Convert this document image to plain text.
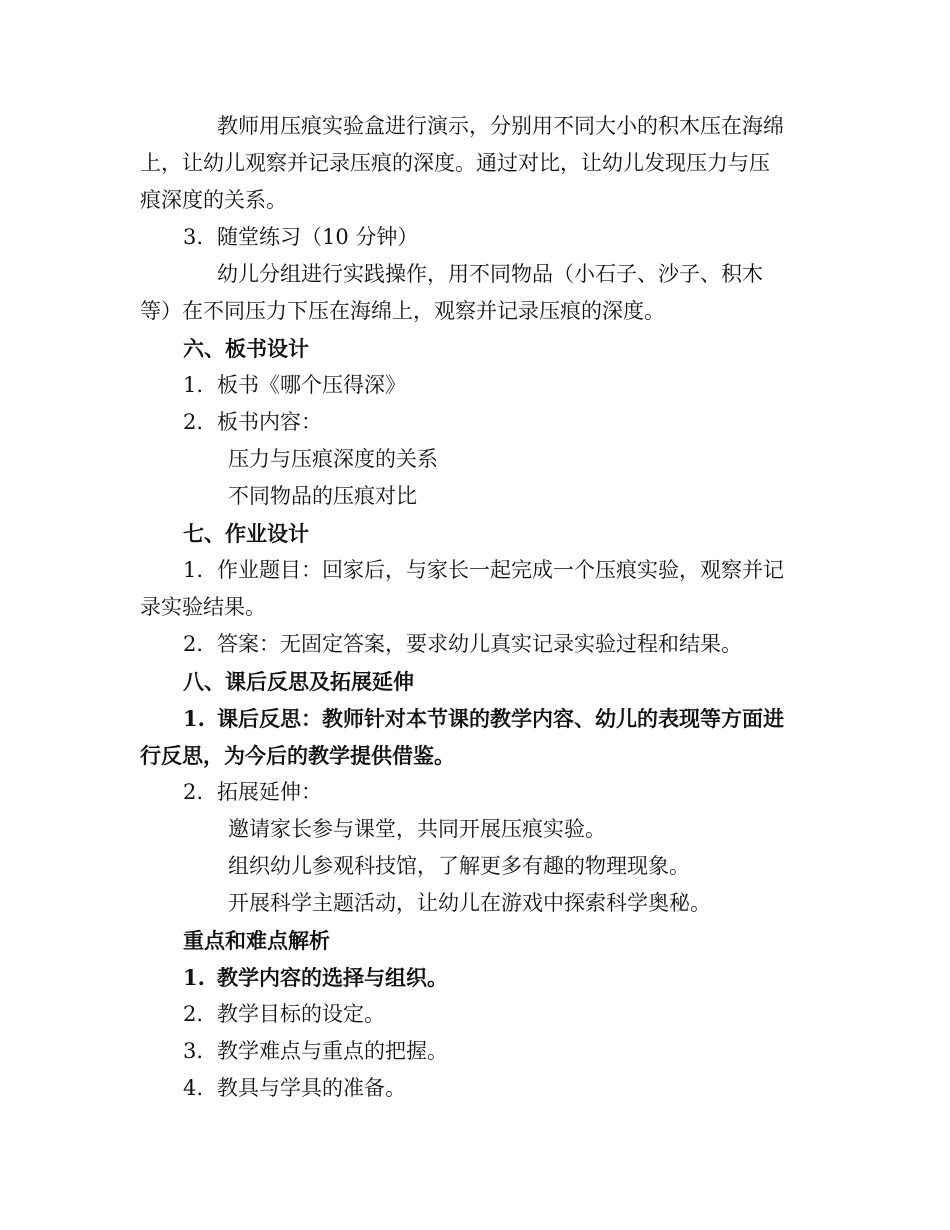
教师用压痕实验盒进行演示，分别用不同大小的积木压在海绵
上，让幼儿观察并记录压痕的深度。通过对比，让幼儿发现压力与压
痕深度的关系。
3. 随堂练习（10 分钟）
幼儿分组进行实践操作，用不同物品（小石子、沙子、积木
等）在不同压力下压在海绵上，观察并记录压痕的深度。
六、板书设计
1. 板书《哪个压得深》
2. 板书内容：
压力与压痕深度的关系
不同物品的压痕对比
七、作业设计
1. 作业题目：回家后，与家长一起完成一个压痕实验，观察并记
录实验结果。
2. 答案：无固定答案，要求幼儿真实记录实验过程和结果。
八、课后反思及拓展延伸
1. 课后反思：教师针对本节课的教学内容、幼儿的表现等方面进
行反思，为今后的教学提供借鉴。
2. 拓展延伸：
邀请家长参与课堂，共同开展压痕实验。
组织幼儿参观科技馆，了解更多有趣的物理现象。
开展科学主题活动，让幼儿在游戏中探索科学奥秘。
重点和难点解析
1. 教学内容的选择与组织。
2. 教学目标的设定。
3. 教学难点与重点的把握。
4. 教具与学具的准备。
